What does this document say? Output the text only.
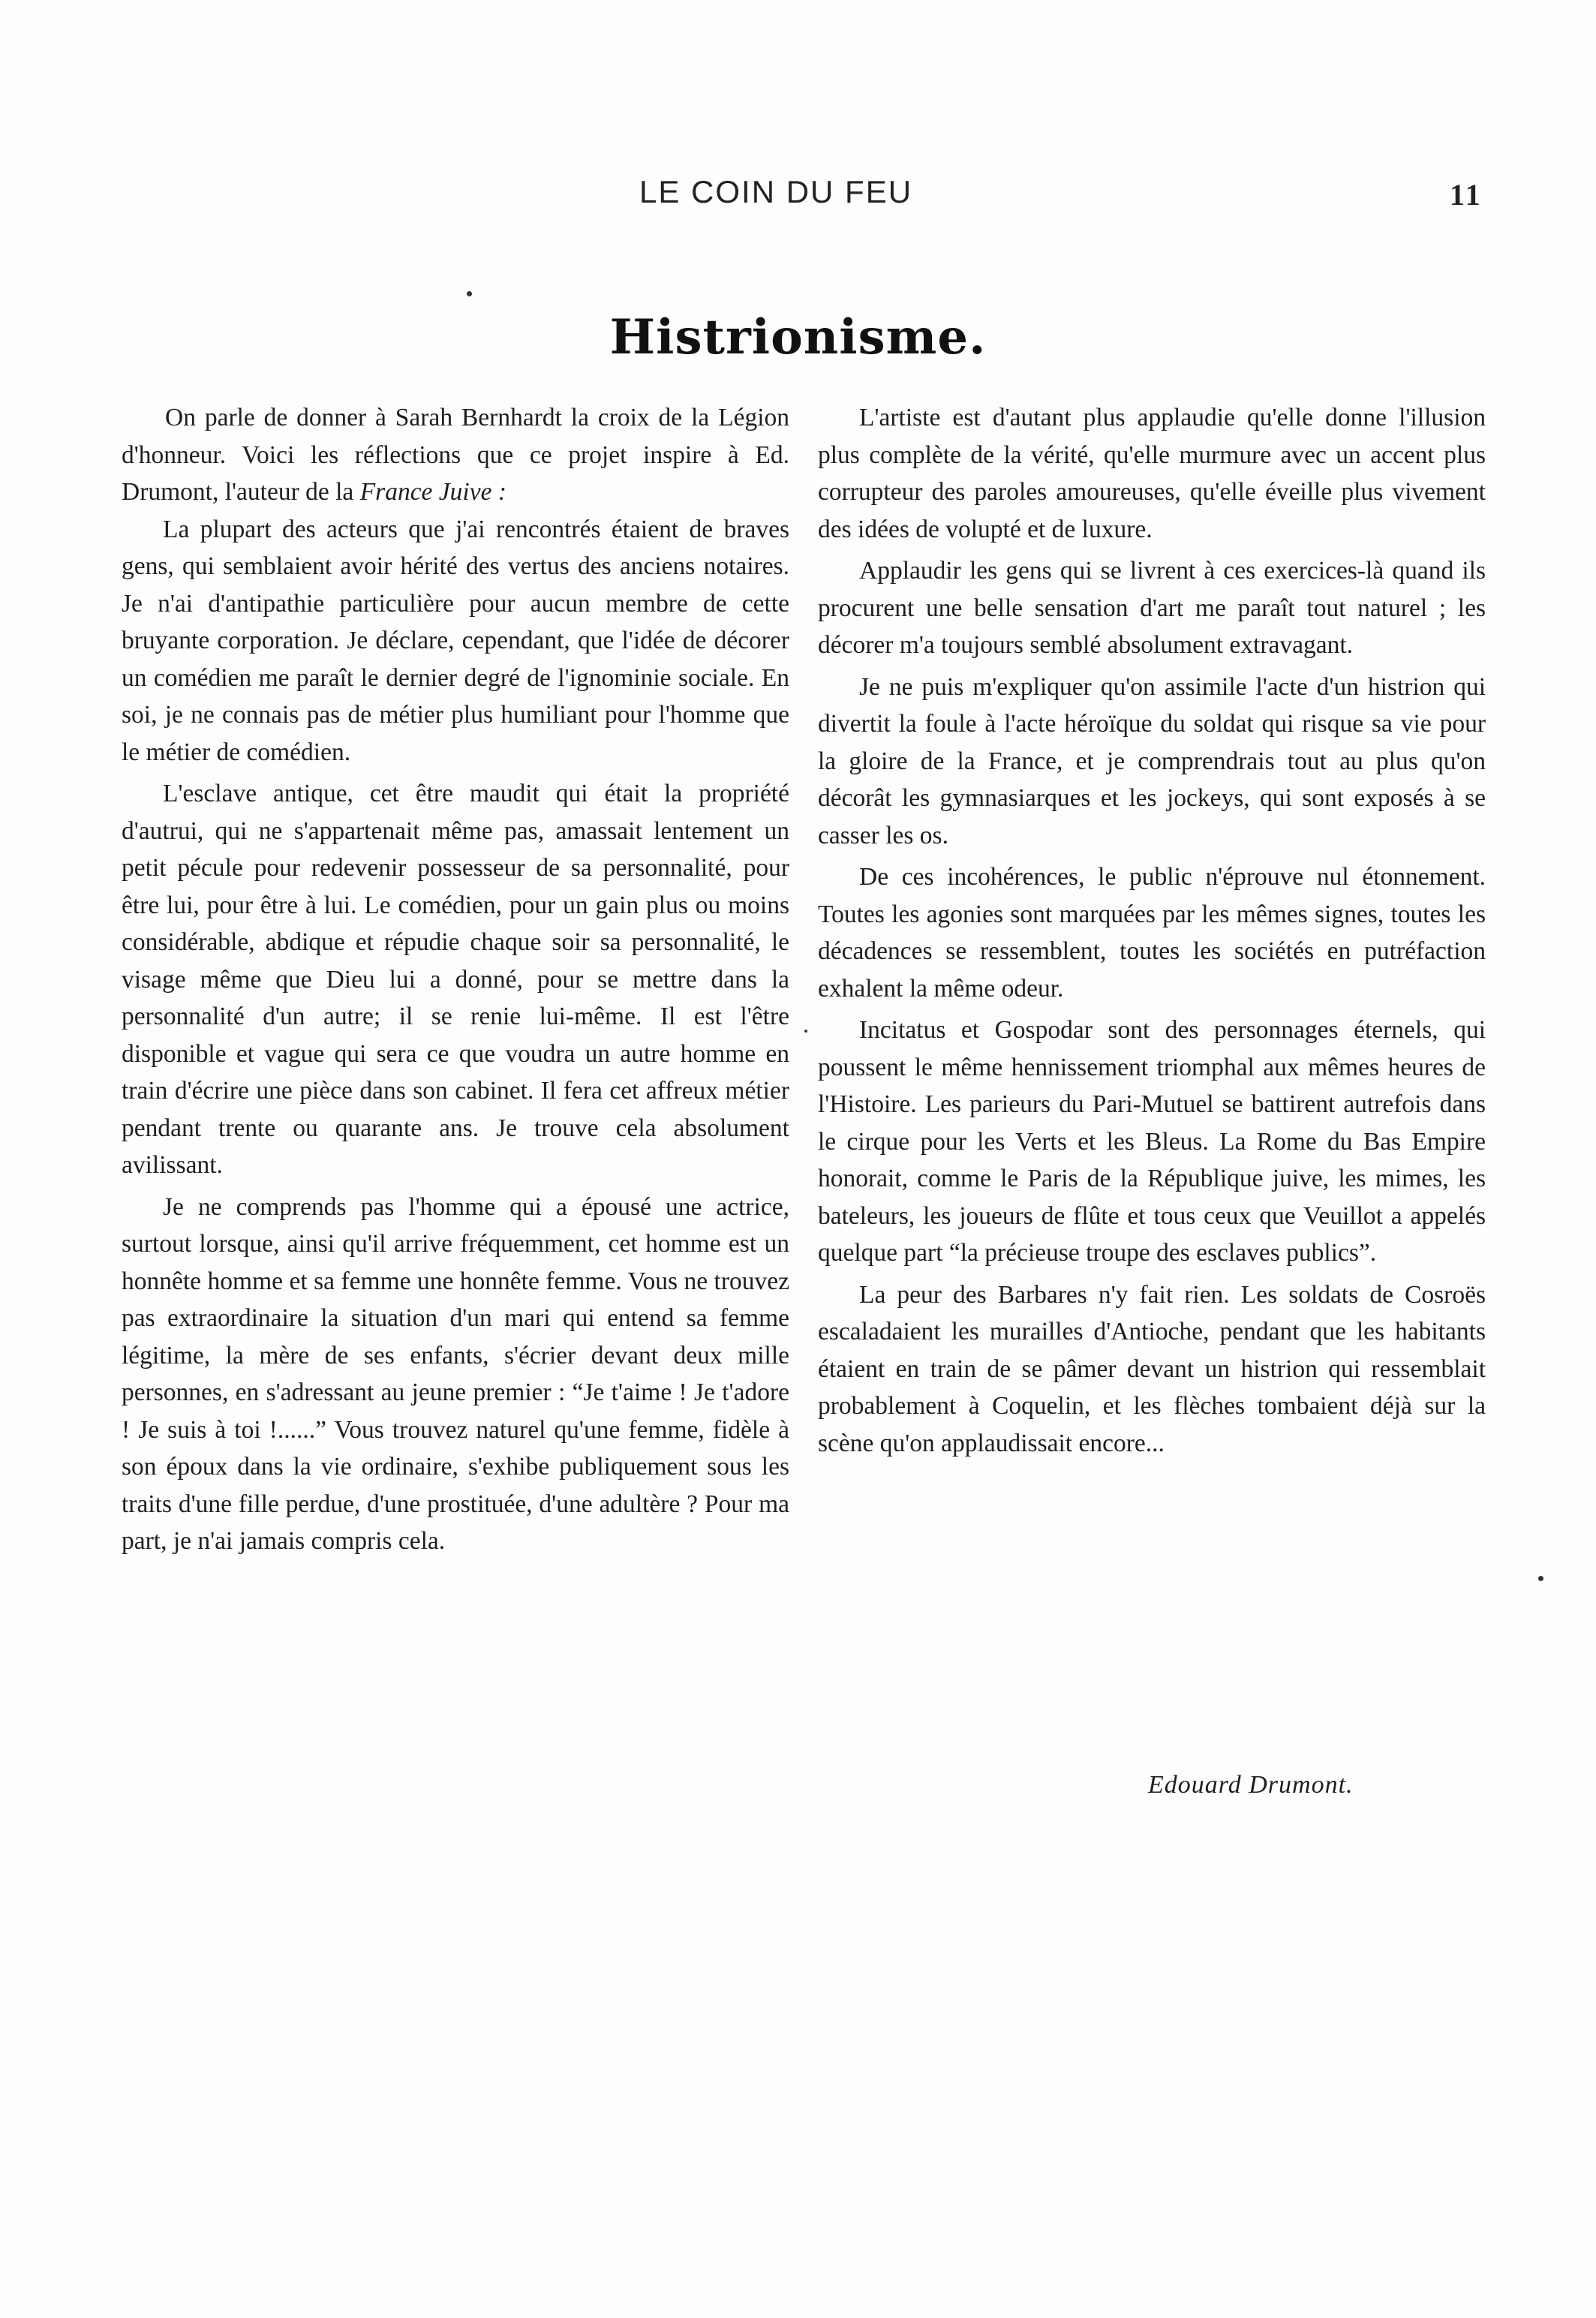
LE COIN DU FEU	11
Histrionisme.

On parle de donner à Sarah Bernhardt la croix de la Légion d'honneur. Voici les réflections que ce projet inspire à Ed. Drumont, l'auteur de la France Juive :

La plupart des acteurs que j'ai rencontrés étaient de braves gens, qui semblaient avoir hérité des vertus des anciens notaires. Je n'ai d'antipathie particulière pour aucun membre de cette bruyante corporation. Je déclare, cependant, que l'idée de décorer un comédien me paraît le dernier degré de l'ignominie sociale. En soi, je ne connais pas de métier plus humiliant pour l'homme que le métier de comédien.

L'esclave antique, cet être maudit qui était la propriété d'autrui, qui ne s'appartenait même pas, amassait lentement un petit pécule pour redevenir possesseur de sa personnalité, pour être lui, pour être à lui. Le comédien, pour un gain plus ou moins considérable, abdique et répudie chaque soir sa personnalité, le visage même que Dieu lui a donné, pour se mettre dans la personnalité d'un autre; il se renie lui-même. Il est l'être disponible et vague qui sera ce que voudra un autre homme en train d'écrire une pièce dans son cabinet. Il fera cet affreux métier pendant trente ou quarante ans. Je trouve cela absolument avilissant.

Je ne comprends pas l'homme qui a épousé une actrice, surtout lorsque, ainsi qu'il arrive fréquemment, cet homme est un honnête homme et sa femme une honnête femme. Vous ne trouvez pas extraordinaire la situation d'un mari qui entend sa femme légitime, la mère de ses enfants, s'écrier devant deux mille personnes, en s'adressant au jeune premier : “Je t'aime ! Je t'adore ! Je suis à toi !......” Vous trouvez naturel qu'une femme, fidèle à son époux dans la vie ordinaire, s'exhibe publiquement sous les traits d'une fille perdue, d'une prostituée, d'une adultère ? Pour ma part, je n'ai jamais compris cela.

L'artiste est d'autant plus applaudie qu'elle donne l'illusion plus complète de la vérité, qu'elle murmure avec un accent plus corrupteur des paroles amoureuses, qu'elle éveille plus vivement des idées de volupté et de luxure.

Applaudir les gens qui se livrent à ces exercices-là quand ils procurent une belle sensation d'art me paraît tout naturel ; les décorer m'a toujours semblé absolument extravagant.

Je ne puis m'expliquer qu'on assimile l'acte d'un histrion qui divertit la foule à l'acte héroïque du soldat qui risque sa vie pour la gloire de la France, et je comprendrais tout au plus qu'on décorât les gymnasiarques et les jockeys, qui sont exposés à se casser les os.

De ces incohérences, le public n'éprouve nul étonnement. Toutes les agonies sont marquées par les mêmes signes, toutes les décadences se ressemblent, toutes les sociétés en putréfaction exhalent la même odeur.

Incitatus et Gospodar sont des personnages éternels, qui poussent le même hennissement triomphal aux mêmes heures de l'Histoire. Les parieurs du Pari-Mutuel se battirent autrefois dans le cirque pour les Verts et les Bleus. La Rome du Bas Empire honorait, comme le Paris de la République juive, les mimes, les bateleurs, les joueurs de flûte et tous ceux que Veuillot a appelés quelque part “la précieuse troupe des esclaves publics”.

La peur des Barbares n'y fait rien. Les soldats de Cosroës escaladaient les murailles d'Antioche, pendant que les habitants étaient en train de se pâmer devant un histrion qui ressemblait probablement à Coquelin, et les flèches tombaient déjà sur la scène qu'on applaudissait encore...

Edouard Drumont.
